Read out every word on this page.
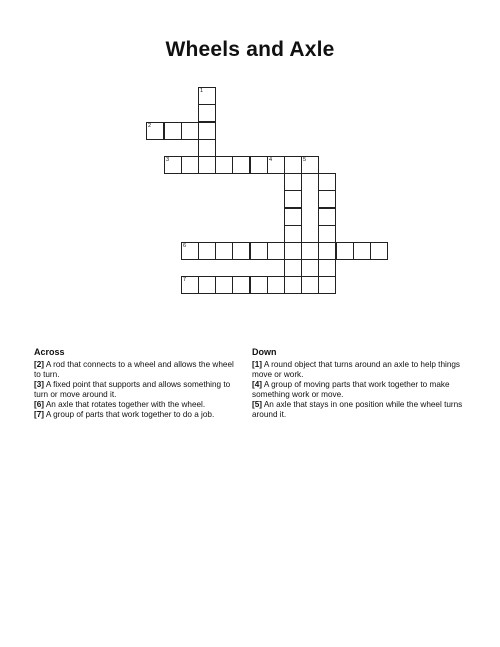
Wheels and Axle
1
2
3	4	5
6
7
Across

[2] A rod that connects to a wheel and allows the wheel to turn.

[3] A fixed point that supports and allows something to turn or move around it.

[6] An axle that rotates together with the wheel.

[7] A group of parts that work together to do a job.

Down

[1] A round object that turns around an axle to help things move or work.

[4] A group of moving parts that work together to make something work or move.

[5] An axle that stays in one position while the wheel turns around it.
